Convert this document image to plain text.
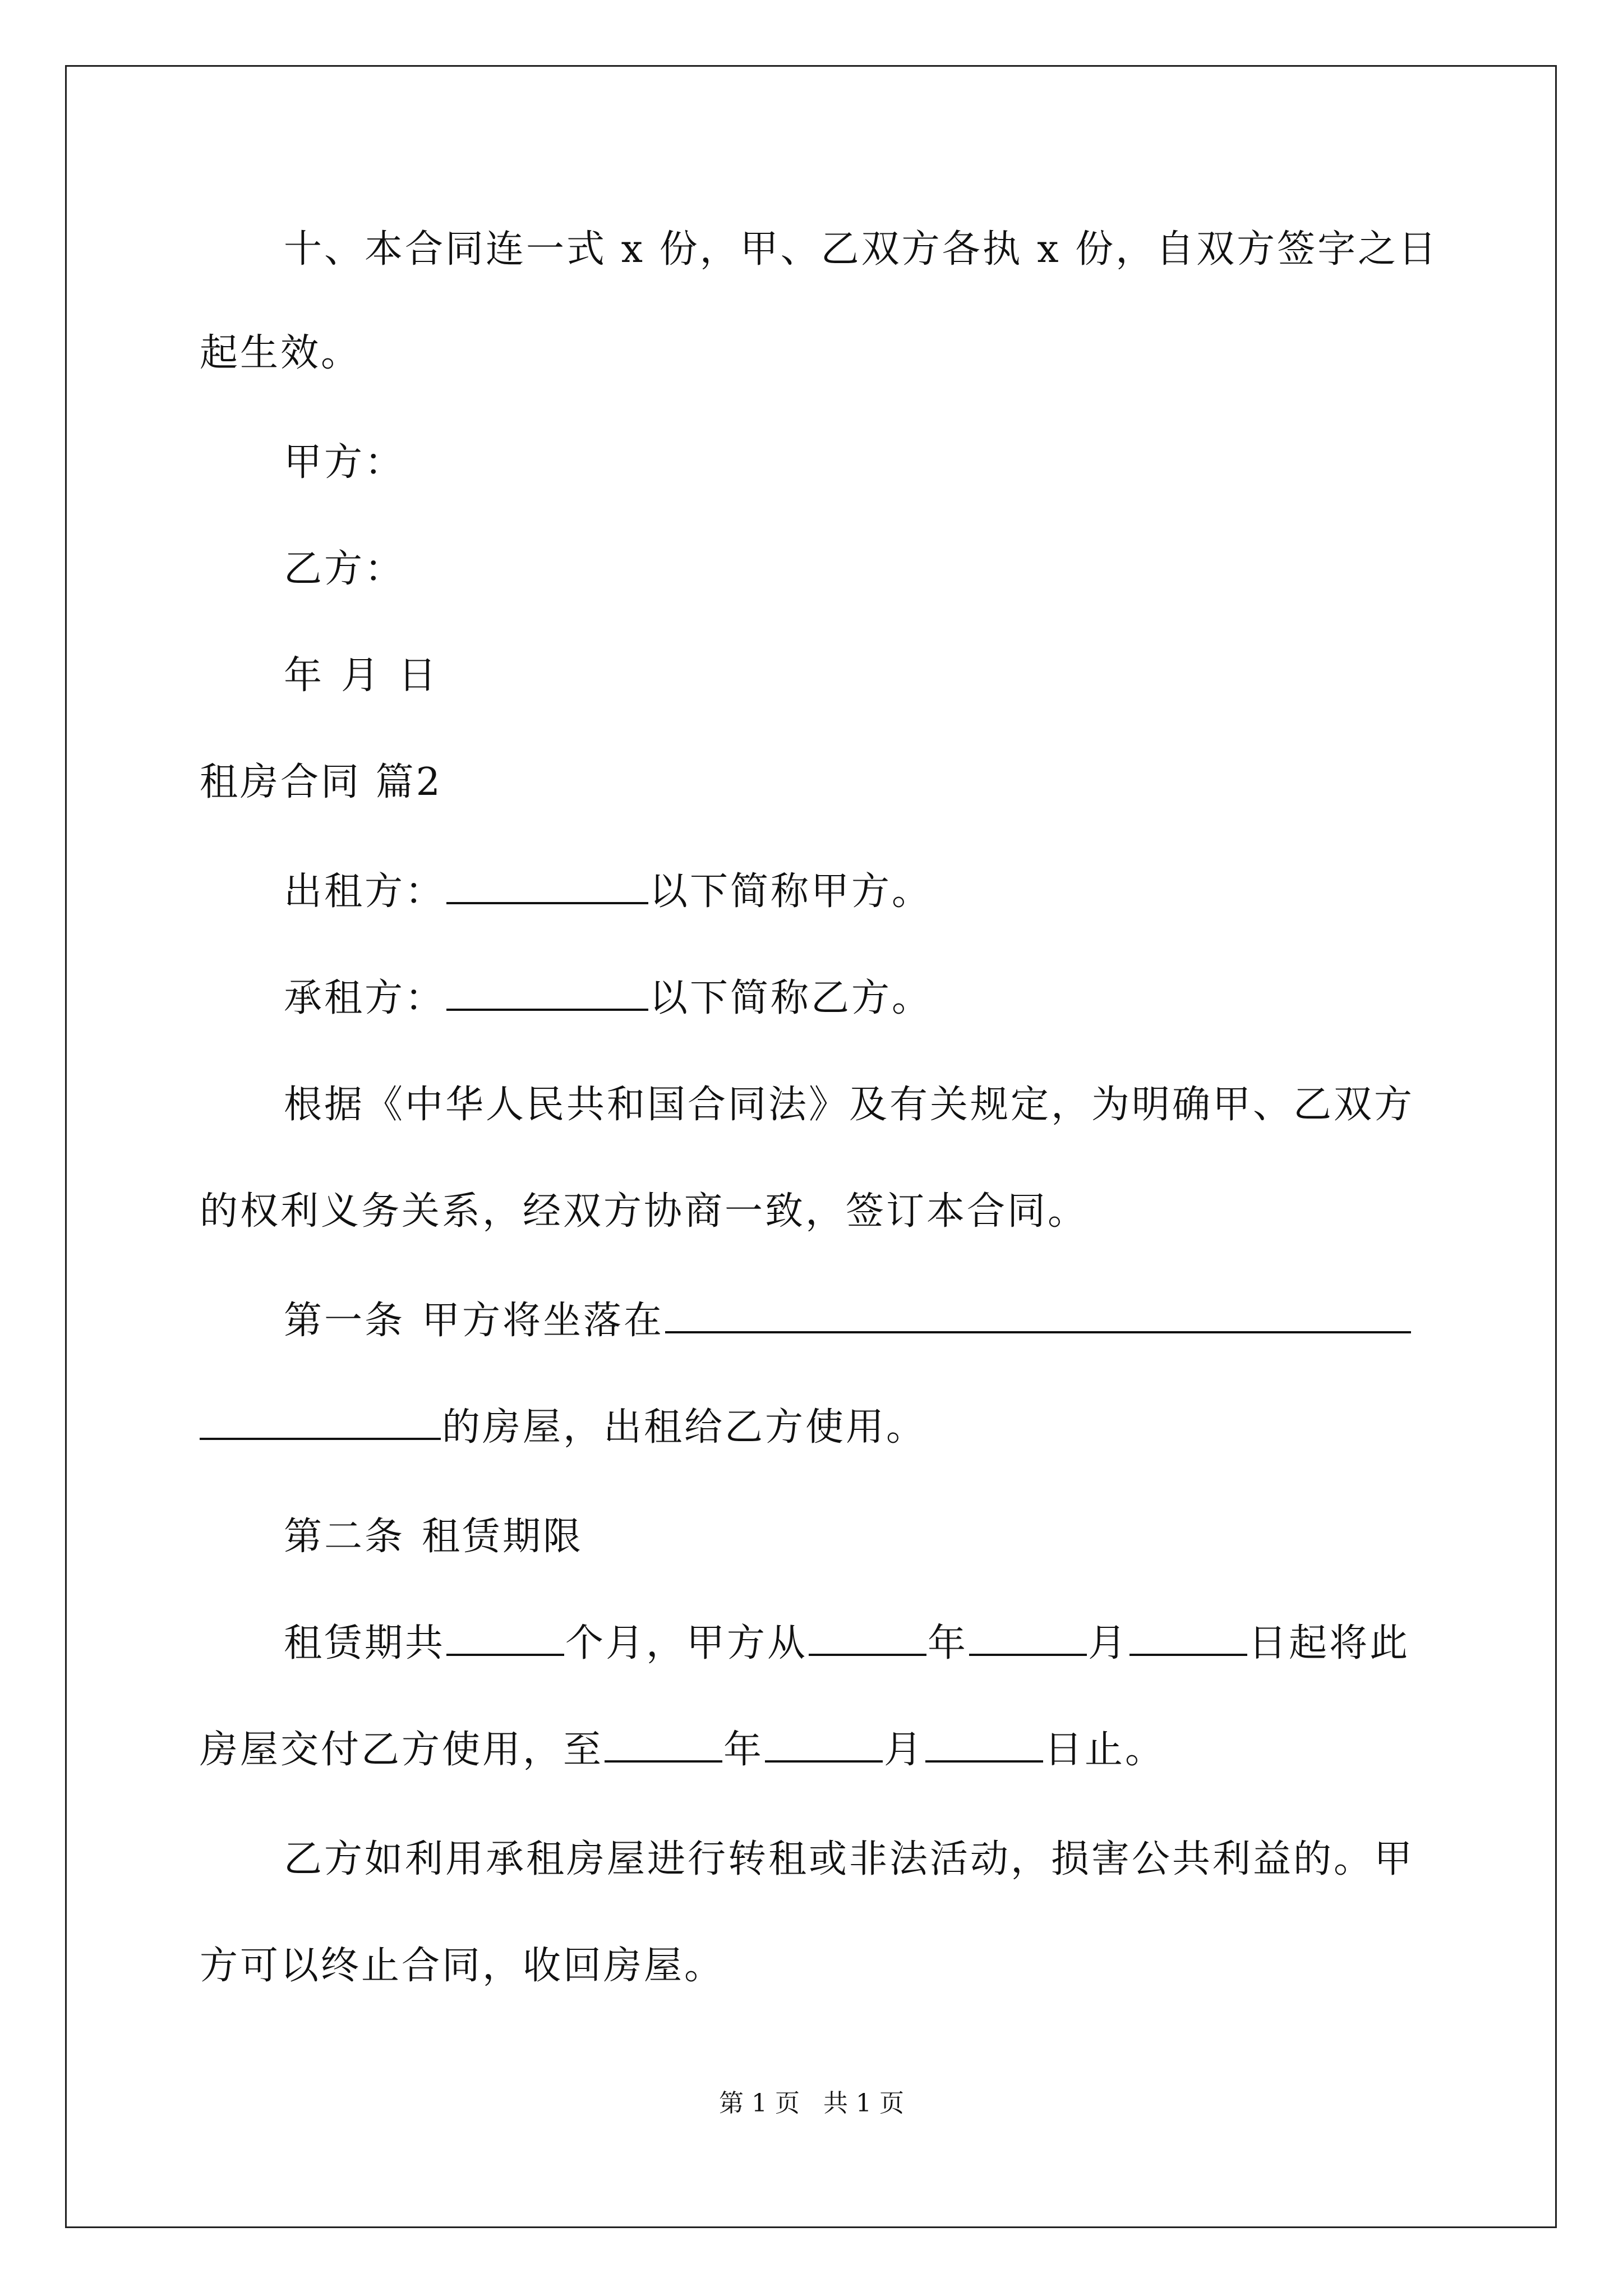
十、本合同连一式 x 份，甲、乙双方各执 x 份，自双方签字之日
起生效。
甲方：
乙方：
年 月 日
租房合同 篇2
出租方：	以下简称甲方。
承租方：	以下简称乙方。
根据《中华人民共和国合同法》及有关规定，为明确甲、乙双方
的权利义务关系，经双方协商一致，签订本合同。
第一条 甲方将坐落在
的房屋，出租给乙方使用。
第二条 租赁期限
租赁期共	个月，甲方从	年	月	日起将此
房屋交付乙方使用，至	年	月	日止。
乙方如利用承租房屋进行转租或非法活动，损害公共利益的。甲
方可以终止合同，收回房屋。
第 1 页   共 1 页
